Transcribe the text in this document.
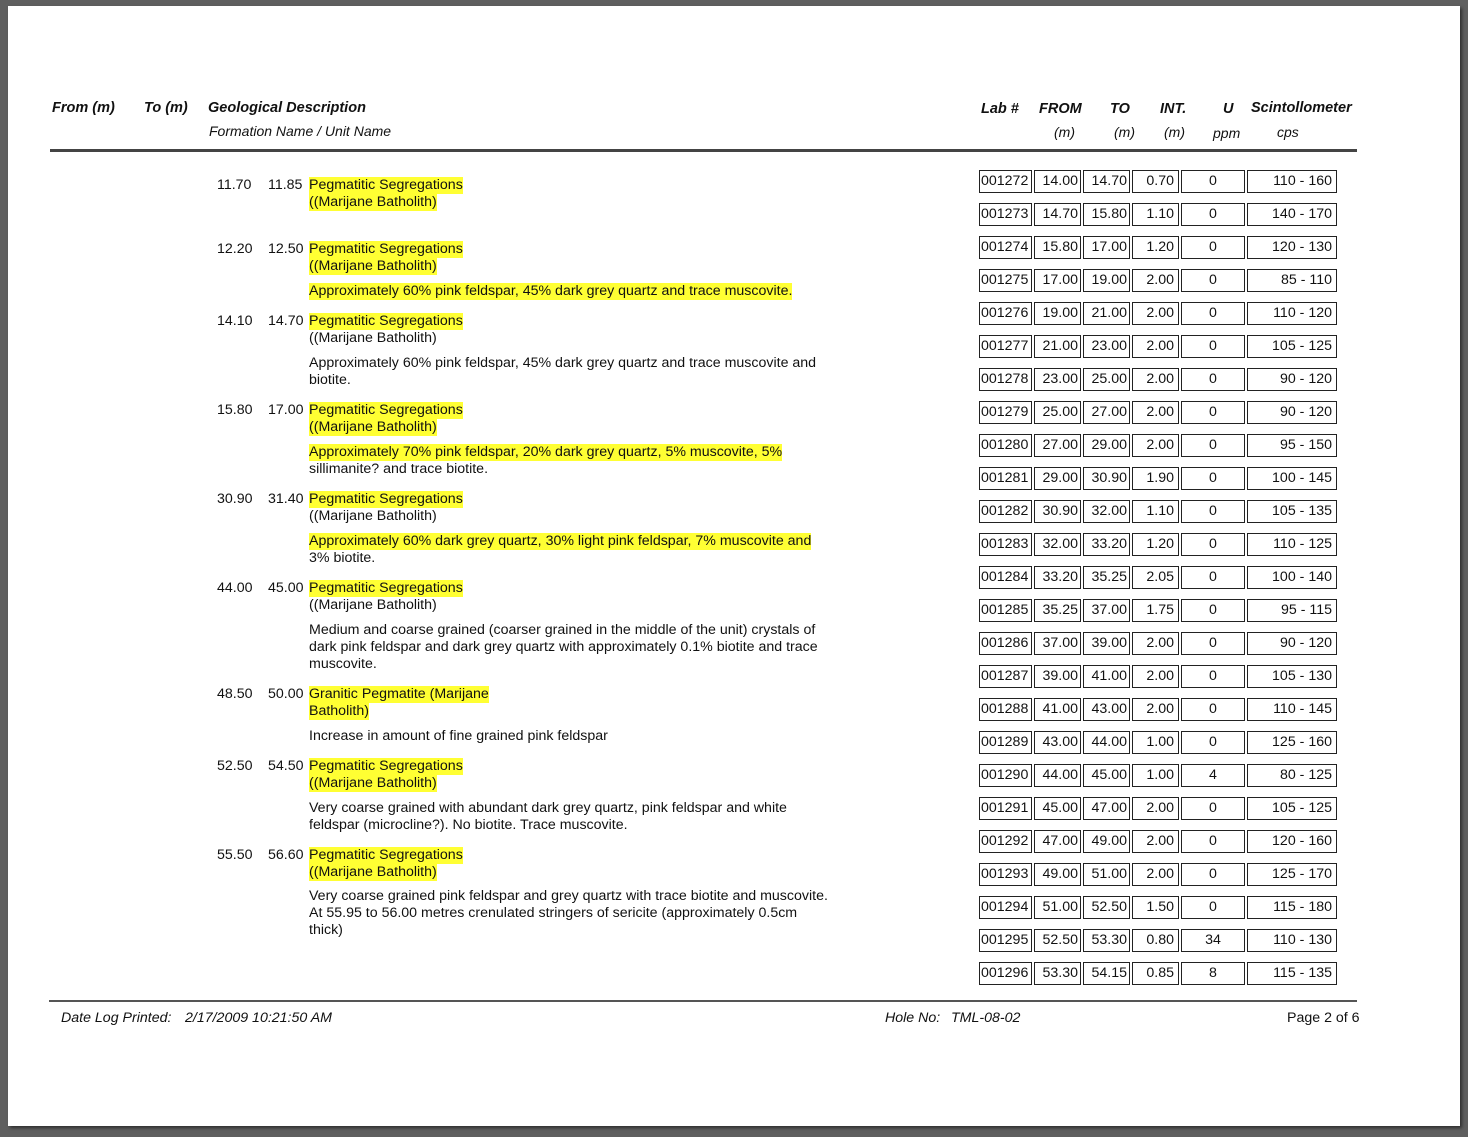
From (m) To (m) Geological Description
Formation Name / Unit Name
Lab # FROM TO INT.	U Scintollometer
(m)	(m) (m) ppm	cps
11.70 11.85 Pegmatitic Segregations
((Marijane Batholith)
12.20 12.50 Pegmatitic Segregations
((Marijane Batholith)
Approximately 60% pink feldspar, 45% dark grey quartz and trace muscovite.
14.10 14.70 Pegmatitic Segregations
((Marijane Batholith)
Approximately 60% pink feldspar, 45% dark grey quartz and trace muscovite and
biotite.
15.80 17.00 Pegmatitic Segregations
((Marijane Batholith)
Approximately 70% pink feldspar, 20% dark grey quartz, 5% muscovite, 5%
sillimanite? and trace biotite.
30.90 31.40 Pegmatitic Segregations
((Marijane Batholith)
Approximately 60% dark grey quartz, 30% light pink feldspar, 7% muscovite and
3% biotite.
44.00 45.00 Pegmatitic Segregations
((Marijane Batholith)
Medium and coarse grained (coarser grained in the middle of the unit) crystals of
dark pink feldspar and dark grey quartz with approximately 0.1% biotite and trace
muscovite.
48.50 50.00 Granitic Pegmatite (Marijane
Batholith)
Increase in amount of fine grained pink feldspar
52.50 54.50 Pegmatitic Segregations
((Marijane Batholith)
Very coarse grained with abundant dark grey quartz, pink feldspar and white
feldspar (microcline?). No biotite. Trace muscovite.
55.50 56.60 Pegmatitic Segregations
((Marijane Batholith)
Very coarse grained pink feldspar and grey quartz with trace biotite and muscovite.
At 55.95 to 56.00 metres crenulated stringers of sericite (approximately 0.5cm
thick)
001272 14.00 14.70	0.70	0	110 - 160
001273 14.70 15.80	1.10	0	140 - 170
001274 15.80 17.00	1.20	0	120 - 130
001275 17.00 19.00	2.00	0	85 - 110
001276 19.00 21.00	2.00	0	110 - 120
001277 21.00 23.00	2.00	0	105 - 125
001278 23.00 25.00	2.00	0	90 - 120
001279 25.00 27.00	2.00	0	90 - 120
001280 27.00 29.00	2.00	0	95 - 150
001281 29.00 30.90	1.90	0	100 - 145
001282 30.90 32.00	1.10	0	105 - 135
001283 32.00 33.20	1.20	0	110 - 125
001284 33.20 35.25	2.05	0	100 - 140
001285 35.25 37.00	1.75	0	95 - 115
001286 37.00 39.00	2.00	0	90 - 120
001287 39.00 41.00	2.00	0	105 - 130
001288 41.00 43.00	2.00	0	110 - 145
001289 43.00 44.00	1.00	0	125 - 160
001290 44.00 45.00	1.00	4	80 - 125
001291 45.00 47.00	2.00	0	105 - 125
001292 47.00 49.00	2.00	0	120 - 160
001293 49.00 51.00	2.00	0	125 - 170
001294 51.00 52.50	1.50	0	115 - 180
001295 52.50 53.30	0.80	34	110 - 130
001296 53.30 54.15	0.85	8	115 - 135
Date Log Printed: 2/17/2009 10:21:50 AM	Hole No: TML-08-02	Page 2 of 6
